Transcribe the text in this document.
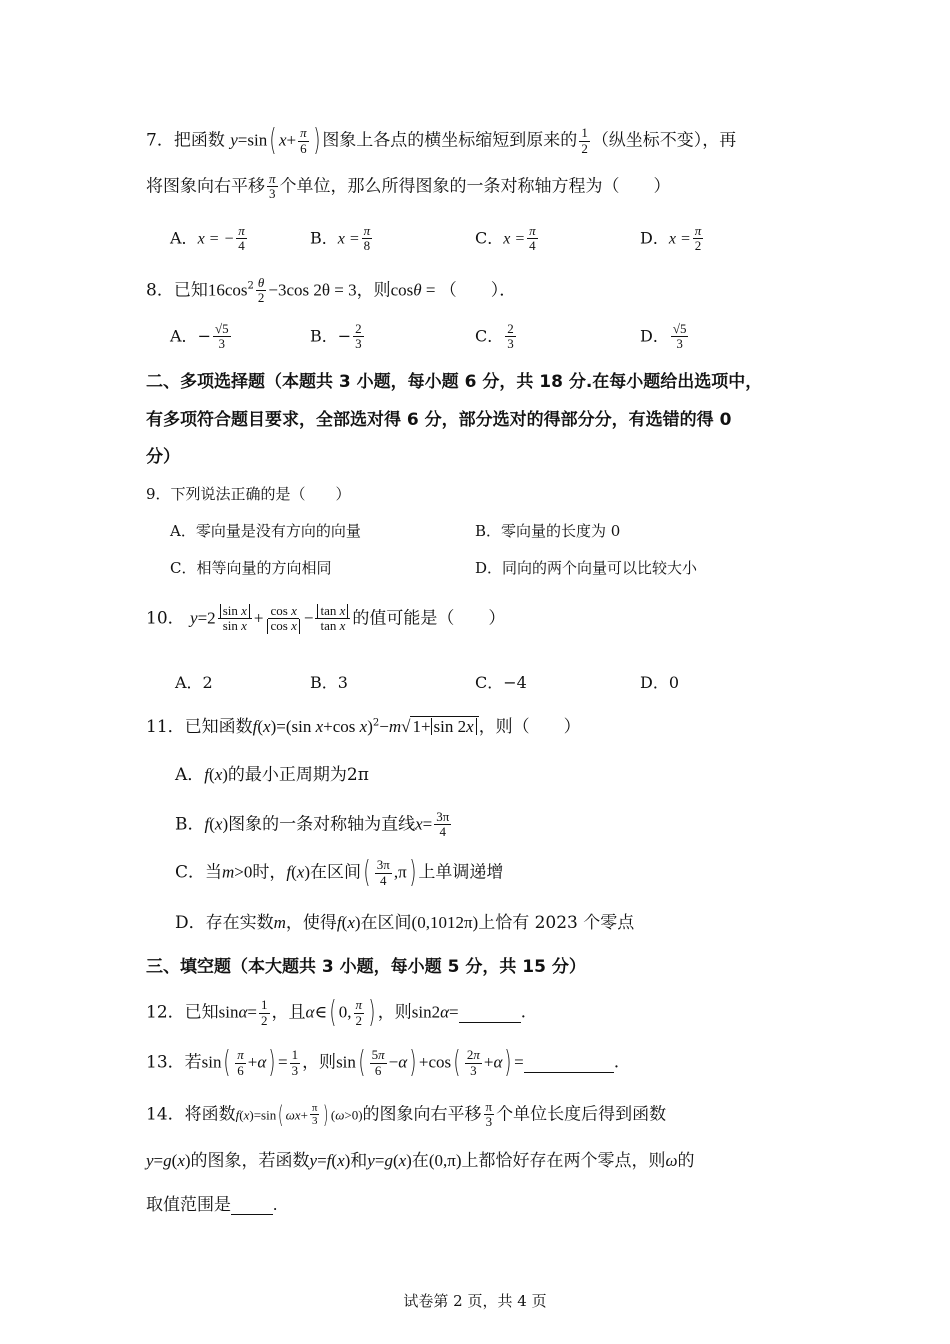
7．把函数 y=sin( $x+ \frac{\pi}{6}$ ) 图象上各点的横坐标缩短到原来的 $\frac{1}{2}$ （纵坐标不变），再
将图象向右平移 $\frac{\pi}{3}$ 个单位，那么所得图象的一条对称轴方程为（　　）
A．x = − $\frac{\pi}{4}$	B．$x = \frac{\pi}{8}$	C．$x = \frac{\pi}{4}$	D．$x = \frac{\pi}{2}$
8．已知$16\cos^2 \frac{\theta}{2} -3\cos$ 2θ = 3，则cosθ = （　　）．
A．− $\frac{√5}{3}$	B．− $\frac{2}{3}$	C． $\frac{2}{3}$	D． $\frac{√5}{3}$
二、多项选择题（本题共 3 小题，每小题 6 分，共 18 分.在每小题给出选项中，
有多项符合题目要求，全部选对得 6 分，部分选对的得部分分，有选错的得 0
分）
9．下列说法正确的是（　　）
A．零向量是没有方向的向量	B．零向量的长度为 0
C．相等向量的方向相同	D．同向的两个向量可以比较大小
10． $y=2 \frac{\text{sin x}}{\text{sin x}} + \frac{\text{cos x}}{\text{cos x}} - \frac{\text{tan x}}{\text{tan x}}$ 的值可能是（　　）
A．2	B．3	C．−4	D．0
11．已知函数f(x)=(sin x+cos x)$^2$−m√ 1+ sin 2x ，则（　　）
A．f(x)的最小正周期为2π
B．f(x)图象的一条对称轴为直线$x= \frac{3\pi}{4}$
C．当m>0时，f(x)在区间( $\frac{3\pi}{4} ,\pi$) 上单调递增
D．存在实数m，使得f(x)在区间(0,1012π)上恰有 2023 个零点
三、填空题（本大题共 3 小题，每小题 5 分，共 15 分）
12．已知$\sin\alpha= \frac{1}{2}$ ，且α∈( 0, $\frac{\pi}{2}$ ) ，则sin2α=	.
13．若$\sin( \frac{\pi}{6} +\alpha) = \frac{1}{3}$ ，则$\sin( \frac{5\pi}{6} -\alpha) +\cos( \frac{2\pi}{3} +\alpha)$ =	.
14．将函数f(x)=sin( $\omega x+ \frac{\pi}{3}$ ) (ω>0)的图象向右平移 $\frac{\pi}{3}$ 个单位长度后得到函数
y=g(x)的图象，若函数y=f(x)和y=g(x)在(0,π)上都恰好存在两个零点，则ω的
取值范围是 .
试卷第 2 页，共 4 页
